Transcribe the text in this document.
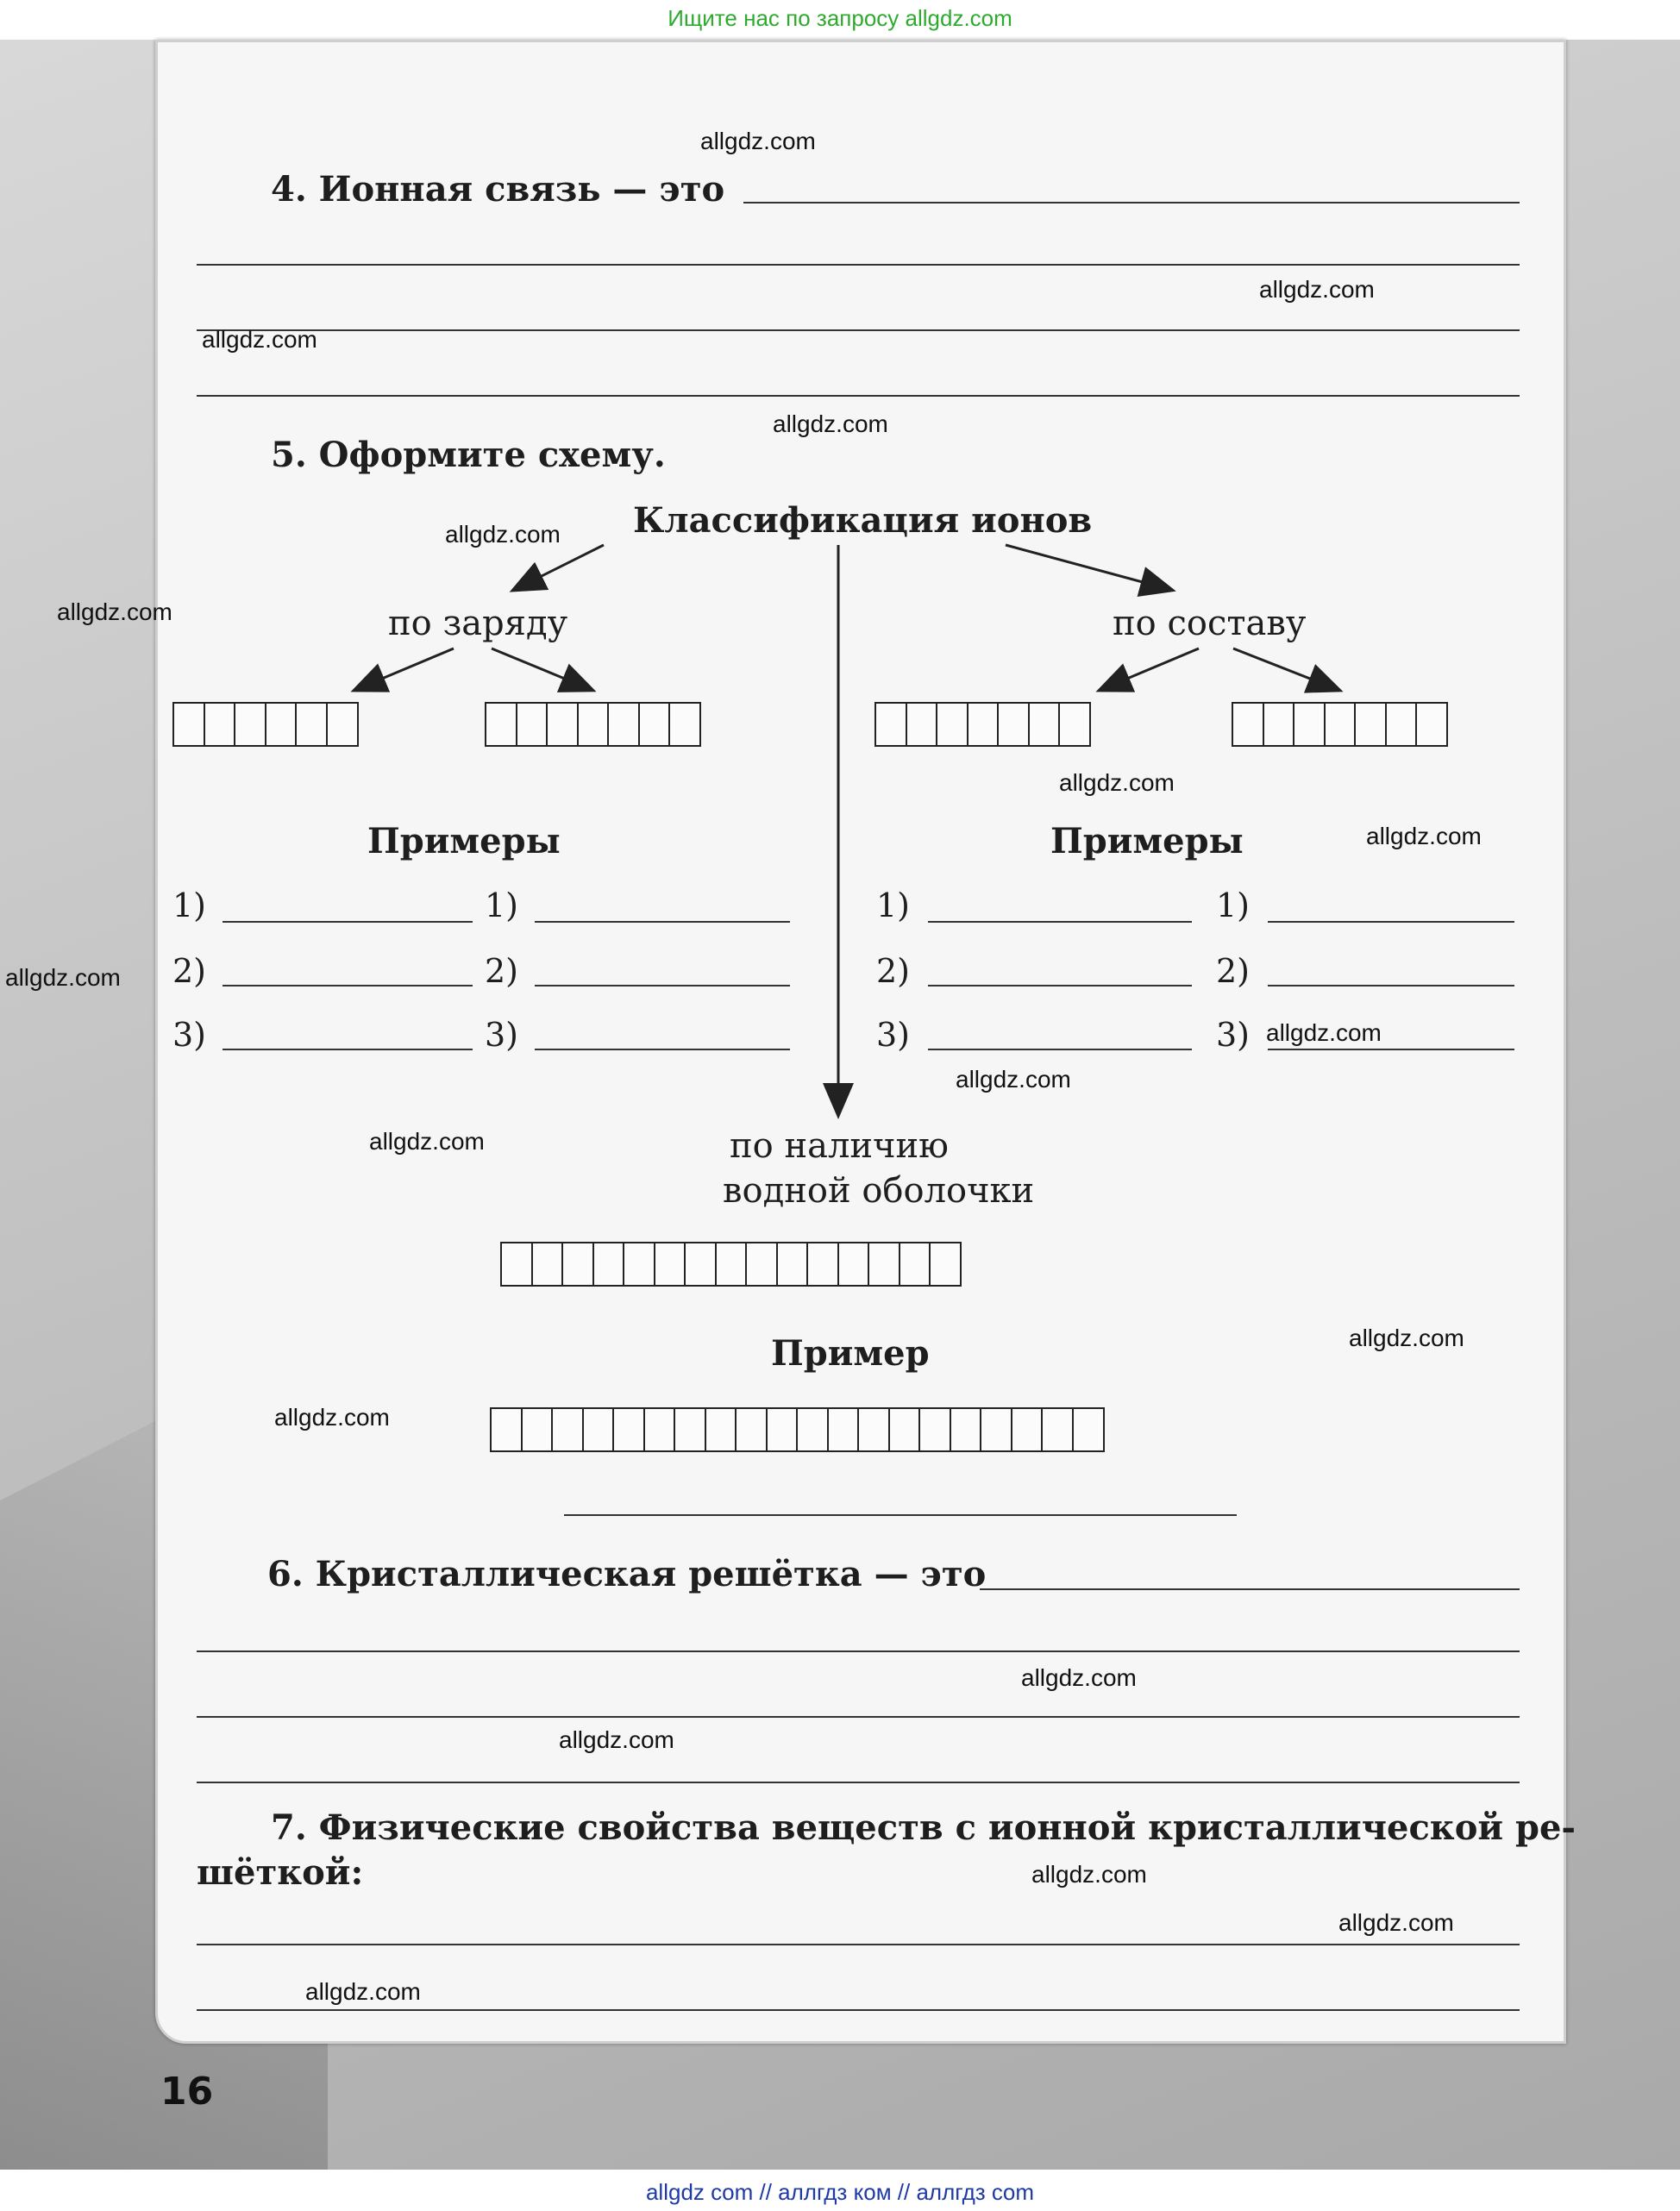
Ищите нас по запросу allgdz.com
4. Ионная связь — это
5. Оформите схему.
Классификация ионов
по заряду	по составу
Примеры	Примеры
1)
2)
3)
1)
2)
3)
1)
2)
3)
1)
2)
3)
по наличию
водной оболочки
Пример
6. Кристаллическая решётка — это
7. Физические свойства веществ с ионной кристаллической ре-
шёткой:
allgdz.com
allgdz.com
allgdz.com
allgdz.com
allgdz.com
allgdz.com
allgdz.com
allgdz.com
allgdz.com
allgdz.com
allgdz.com
allgdz.com
allgdz.com
allgdz.com
allgdz.com
allgdz.com
allgdz.com
allgdz.com
allgdz.com
16
allgdz com // аллгдз ком // аллгдз com
